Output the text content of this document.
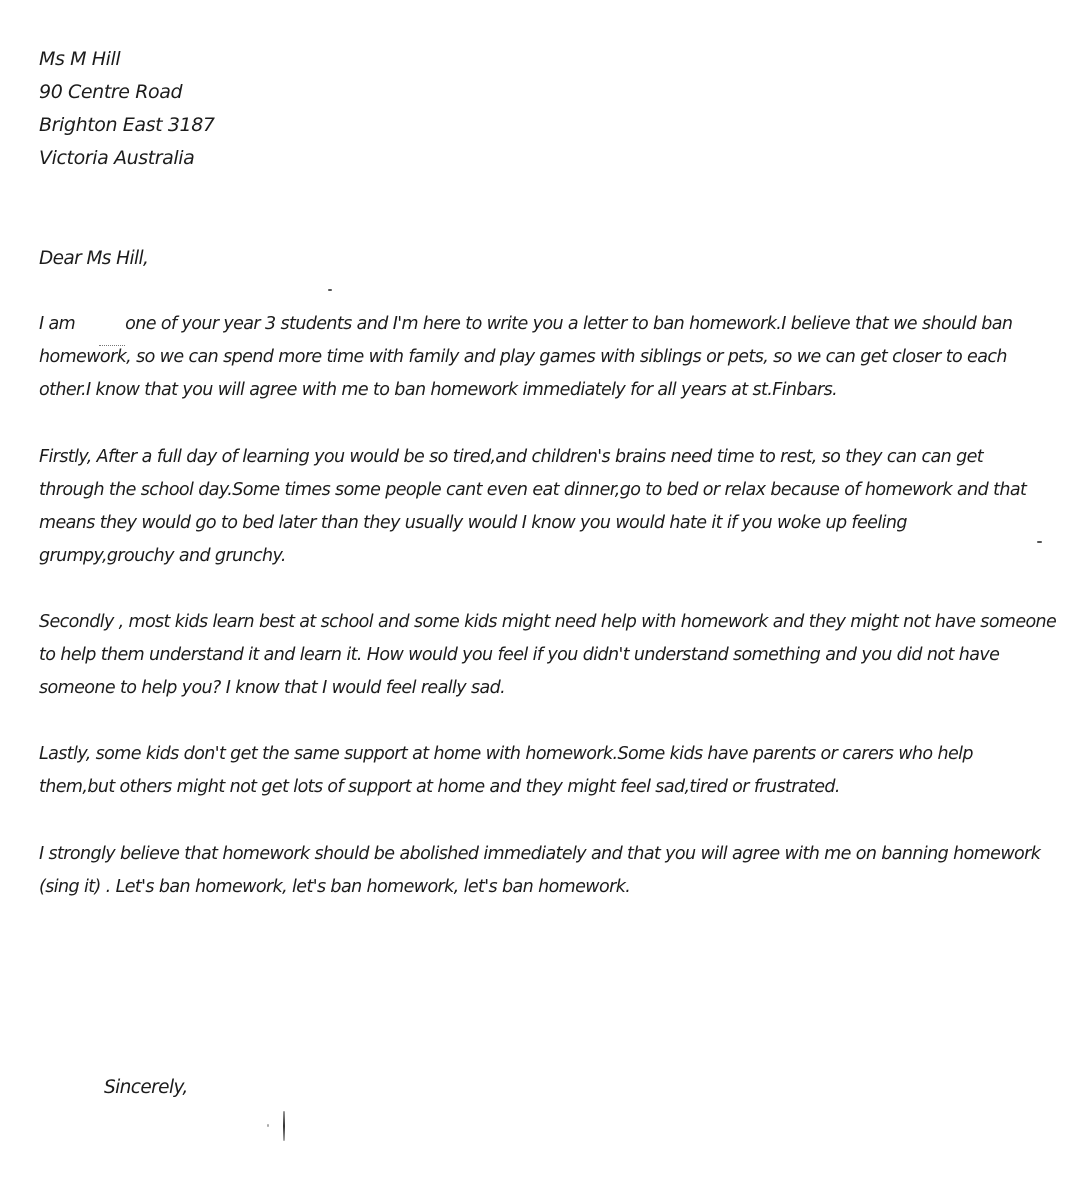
Ms M Hill
90 Centre Road
Brighton East 3187
Victoria Australia
Dear Ms Hill,
I am	one of your year 3 students and I'm here to write you a letter to ban homework.I believe that we should ban
homework, so we can spend more time with family and play games with siblings or pets, so we can get closer to each
other.I know that you will agree with me to ban homework immediately for all years at st.Finbars.
Firstly, After a full day of learning you would be so tired,and children's brains need time to rest, so they can can get
through the school day.Some times some people cant even eat dinner,go to bed or relax because of homework and that
means they would go to bed later than they usually would I know you would hate it if you woke up feeling
grumpy,grouchy and grunchy.
Secondly , most kids learn best at school and some kids might need help with homework and they might not have someone
to help them understand it and learn it. How would you feel if you didn't understand something and you did not have
someone to help you? I know that I would feel really sad.
Lastly, some kids don't get the same support at home with homework.Some kids have parents or carers who help
them,but others might not get lots of support at home and they might feel sad,tired or frustrated.
I strongly believe that homework should be abolished immediately and that you will agree with me on banning homework
(sing it) . Let's ban homework, let's ban homework, let's ban homework.
Sincerely,
